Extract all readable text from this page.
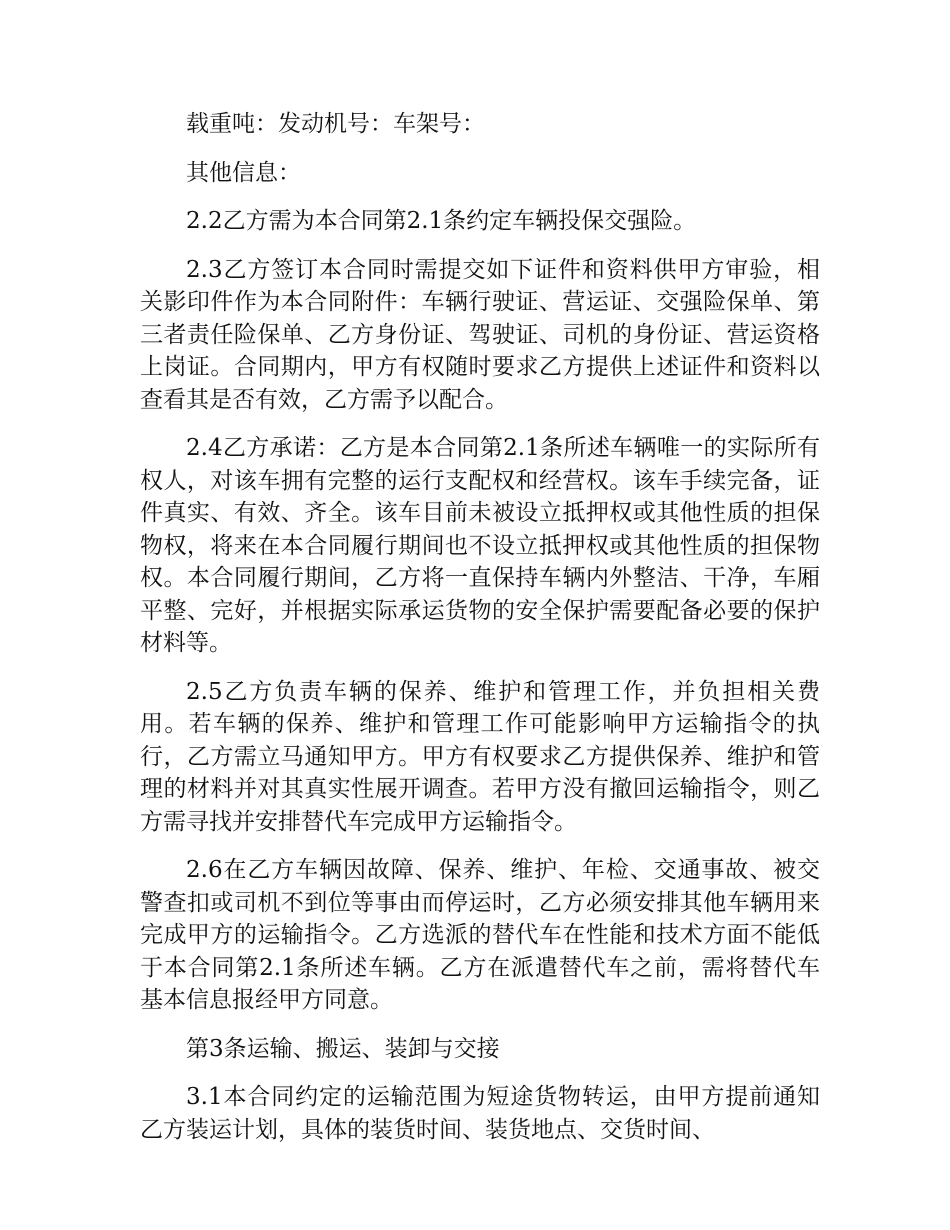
载重吨：发动机号：车架号：

其他信息：

2.2乙方需为本合同第2.1条约定车辆投保交强险。

2.3乙方签订本合同时需提交如下证件和资料供甲方审验，相关影印件作为本合同附件：车辆行驶证、营运证、交强险保单、第三者责任险保单、乙方身份证、驾驶证、司机的身份证、营运资格上岗证。合同期内，甲方有权随时要求乙方提供上述证件和资料以查看其是否有效，乙方需予以配合。

2.4乙方承诺：乙方是本合同第2.1条所述车辆唯一的实际所有权人，对该车拥有完整的运行支配权和经营权。该车手续完备，证件真实、有效、齐全。该车目前未被设立抵押权或其他性质的担保物权，将来在本合同履行期间也不设立抵押权或其他性质的担保物权。本合同履行期间，乙方将一直保持车辆内外整洁、干净，车厢平整、完好，并根据实际承运货物的安全保护需要配备必要的保护材料等。

2.5乙方负责车辆的保养、维护和管理工作，并负担相关费用。若车辆的保养、维护和管理工作可能影响甲方运输指令的执行，乙方需立马通知甲方。甲方有权要求乙方提供保养、维护和管理的材料并对其真实性展开调查。若甲方没有撤回运输指令，则乙方需寻找并安排替代车完成甲方运输指令。

2.6在乙方车辆因故障、保养、维护、年检、交通事故、被交警查扣或司机不到位等事由而停运时，乙方必须安排其他车辆用来完成甲方的运输指令。乙方选派的替代车在性能和技术方面不能低于本合同第2.1条所述车辆。乙方在派遣替代车之前，需将替代车基本信息报经甲方同意。

第3条运输、搬运、装卸与交接

3.1本合同约定的运输范围为短途货物转运，由甲方提前通知乙方装运计划，具体的装货时间、装货地点、交货时间、
